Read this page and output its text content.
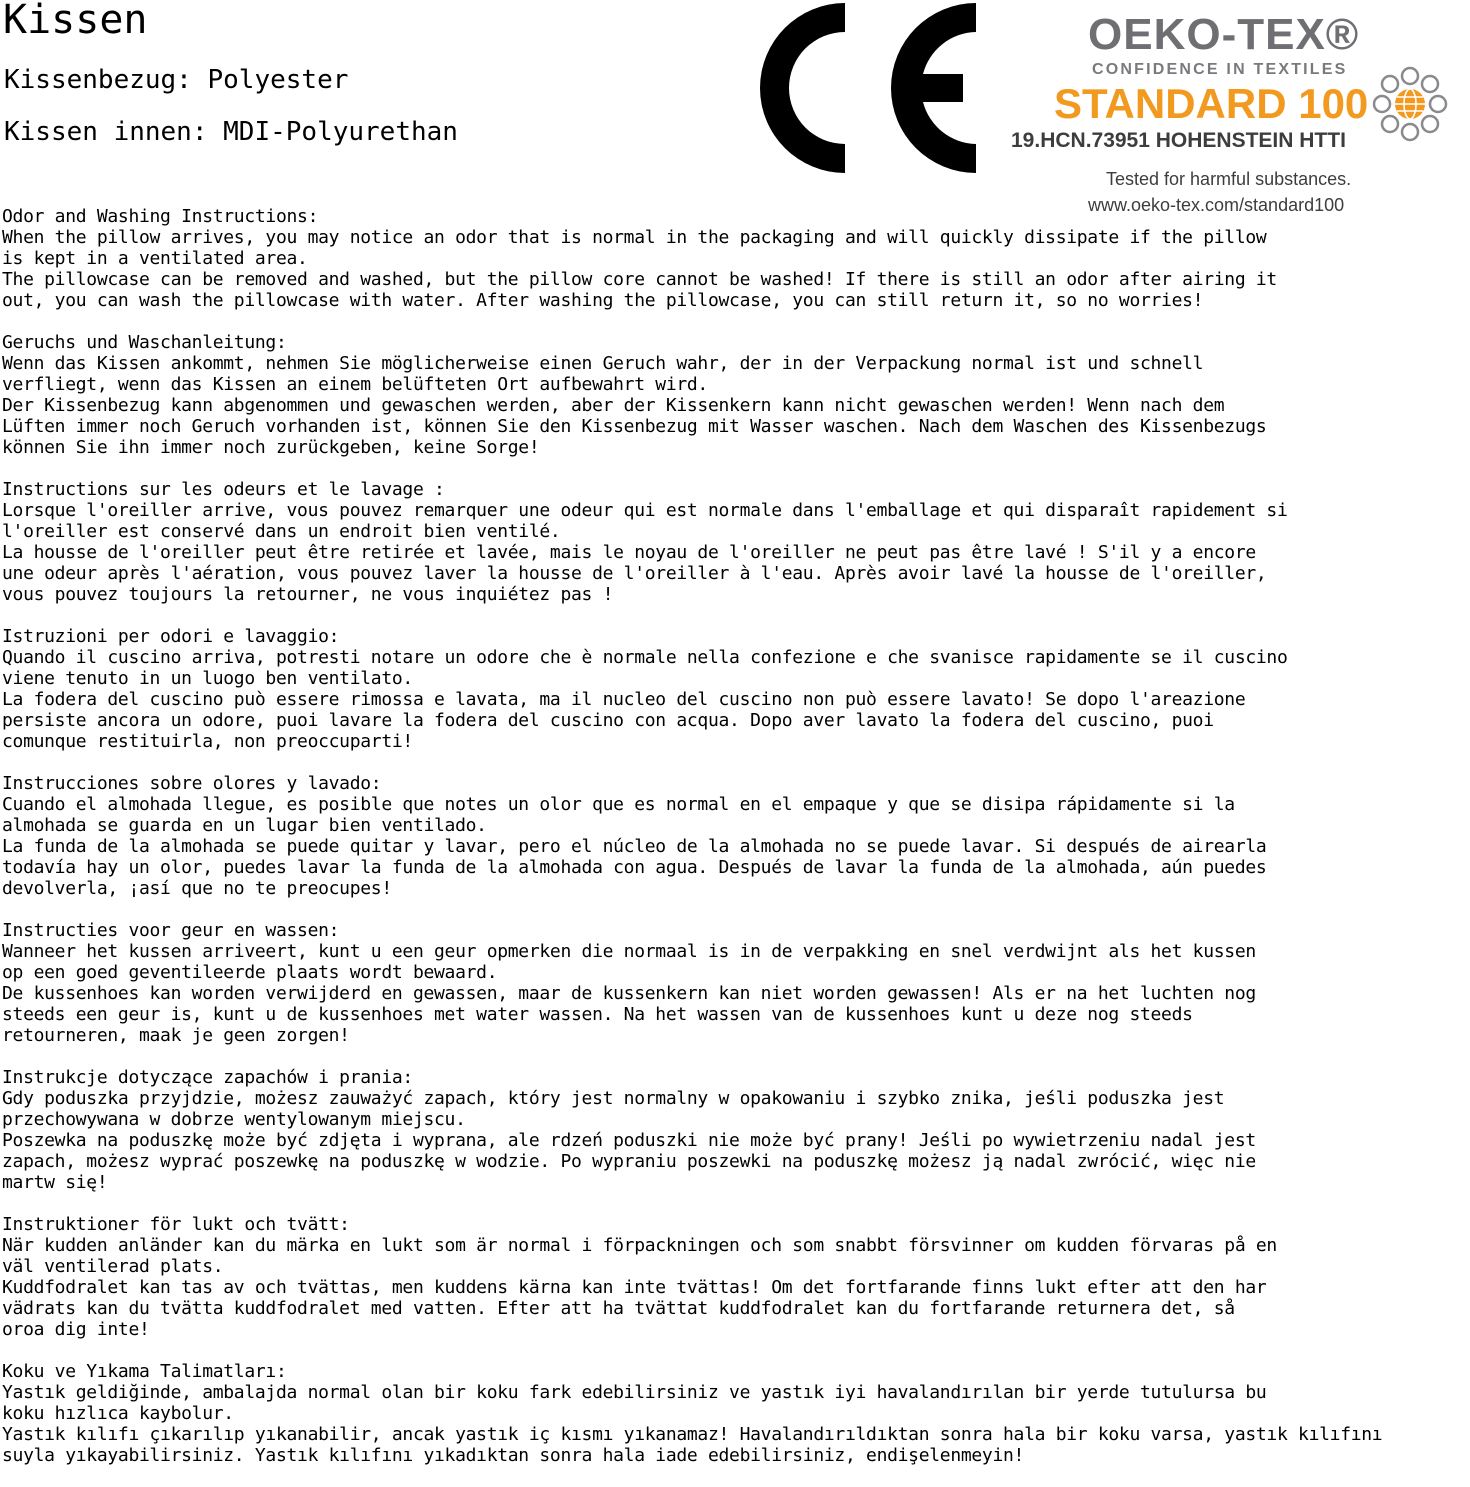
Kissen
Kissenbezug: Polyester
Kissen innen: MDI-Polyurethan
OEKO-TEX®
CONFIDENCE IN TEXTILES
STANDARD 100
19.HCN.73951 HOHENSTEIN HTTI
Tested for harmful substances.
www.oeko-tex.com/standard100
Odor and Washing Instructions:
When the pillow arrives, you may notice an odor that is normal in the packaging and will quickly dissipate if the pillow
is kept in a ventilated area.
The pillowcase can be removed and washed, but the pillow core cannot be washed! If there is still an odor after airing it
out, you can wash the pillowcase with water. After washing the pillowcase, you can still return it, so no worries!
Geruchs und Waschanleitung:
Wenn das Kissen ankommt, nehmen Sie möglicherweise einen Geruch wahr, der in der Verpackung normal ist und schnell
verfliegt, wenn das Kissen an einem belüfteten Ort aufbewahrt wird.
Der Kissenbezug kann abgenommen und gewaschen werden, aber der Kissenkern kann nicht gewaschen werden! Wenn nach dem
Lüften immer noch Geruch vorhanden ist, können Sie den Kissenbezug mit Wasser waschen. Nach dem Waschen des Kissenbezugs
können Sie ihn immer noch zurückgeben, keine Sorge!
Instructions sur les odeurs et le lavage :
Lorsque l'oreiller arrive, vous pouvez remarquer une odeur qui est normale dans l'emballage et qui disparaît rapidement si
l'oreiller est conservé dans un endroit bien ventilé.
La housse de l'oreiller peut être retirée et lavée, mais le noyau de l'oreiller ne peut pas être lavé ! S'il y a encore
une odeur après l'aération, vous pouvez laver la housse de l'oreiller à l'eau. Après avoir lavé la housse de l'oreiller,
vous pouvez toujours la retourner, ne vous inquiétez pas !
Istruzioni per odori e lavaggio:
Quando il cuscino arriva, potresti notare un odore che è normale nella confezione e che svanisce rapidamente se il cuscino
viene tenuto in un luogo ben ventilato.
La fodera del cuscino può essere rimossa e lavata, ma il nucleo del cuscino non può essere lavato! Se dopo l'areazione
persiste ancora un odore, puoi lavare la fodera del cuscino con acqua. Dopo aver lavato la fodera del cuscino, puoi
comunque restituirla, non preoccuparti!
Instrucciones sobre olores y lavado:
Cuando el almohada llegue, es posible que notes un olor que es normal en el empaque y que se disipa rápidamente si la
almohada se guarda en un lugar bien ventilado.
La funda de la almohada se puede quitar y lavar, pero el núcleo de la almohada no se puede lavar. Si después de airearla
todavía hay un olor, puedes lavar la funda de la almohada con agua. Después de lavar la funda de la almohada, aún puedes
devolverla, ¡así que no te preocupes!
Instructies voor geur en wassen:
Wanneer het kussen arriveert, kunt u een geur opmerken die normaal is in de verpakking en snel verdwijnt als het kussen
op een goed geventileerde plaats wordt bewaard.
De kussenhoes kan worden verwijderd en gewassen, maar de kussenkern kan niet worden gewassen! Als er na het luchten nog
steeds een geur is, kunt u de kussenhoes met water wassen. Na het wassen van de kussenhoes kunt u deze nog steeds
retourneren, maak je geen zorgen!
Instrukcje dotyczące zapachów i prania:
Gdy poduszka przyjdzie, możesz zauważyć zapach, który jest normalny w opakowaniu i szybko znika, jeśli poduszka jest
przechowywana w dobrze wentylowanym miejscu.
Poszewka na poduszkę może być zdjęta i wyprana, ale rdzeń poduszki nie może być prany! Jeśli po wywietrzeniu nadal jest
zapach, możesz wyprać poszewkę na poduszkę w wodzie. Po wypraniu poszewki na poduszkę możesz ją nadal zwrócić, więc nie
martw się!
Instruktioner för lukt och tvätt:
När kudden anländer kan du märka en lukt som är normal i förpackningen och som snabbt försvinner om kudden förvaras på en
väl ventilerad plats.
Kuddfodralet kan tas av och tvättas, men kuddens kärna kan inte tvättas! Om det fortfarande finns lukt efter att den har
vädrats kan du tvätta kuddfodralet med vatten. Efter att ha tvättat kuddfodralet kan du fortfarande returnera det, så
oroa dig inte!
Koku ve Yıkama Talimatları:
Yastık geldiğinde, ambalajda normal olan bir koku fark edebilirsiniz ve yastık iyi havalandırılan bir yerde tutulursa bu
koku hızlıca kaybolur.
Yastık kılıfı çıkarılıp yıkanabilir, ancak yastık iç kısmı yıkanamaz! Havalandırıldıktan sonra hala bir koku varsa, yastık kılıfını
suyla yıkayabilirsiniz. Yastık kılıfını yıkadıktan sonra hala iade edebilirsiniz, endişelenmeyin!
